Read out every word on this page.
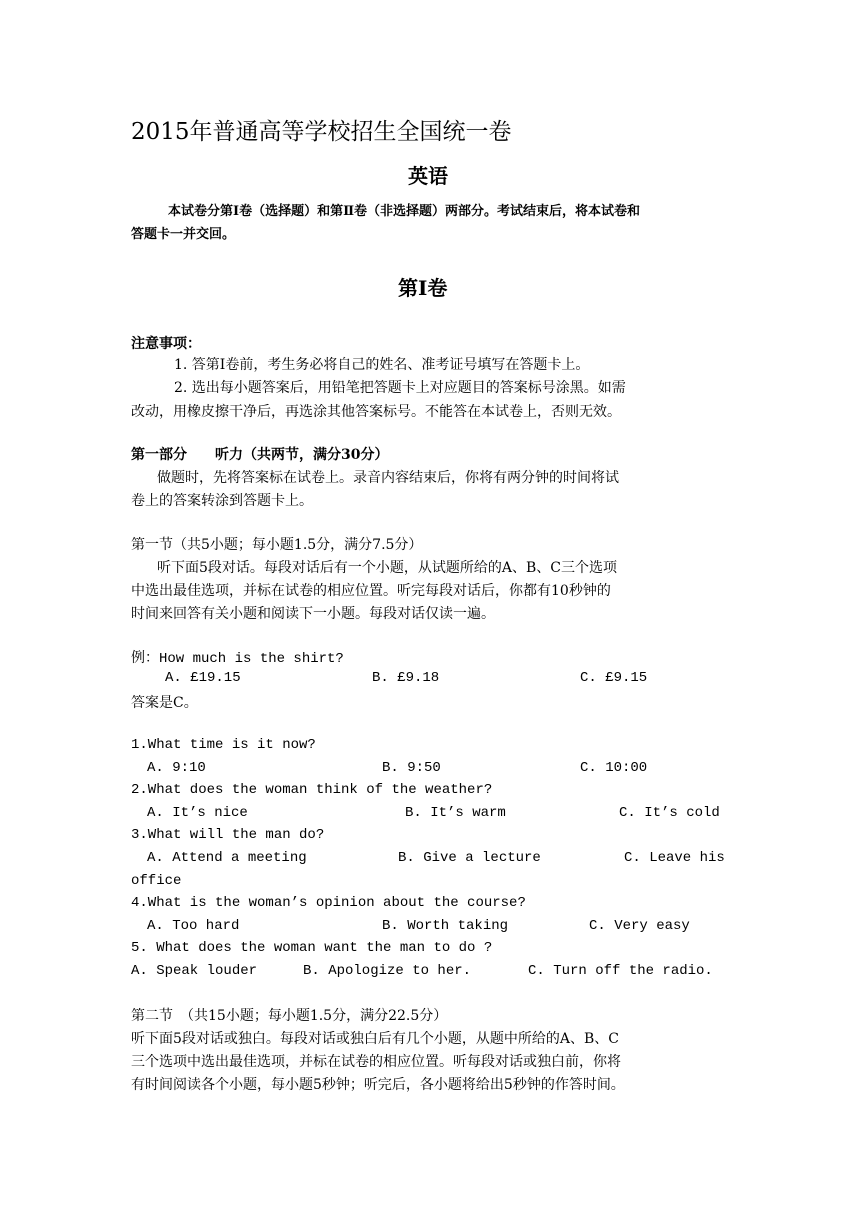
2015年普通高等学校招生全国统一卷
英语
本试卷分第Ⅰ卷（选择题）和第Ⅱ卷（非选择题）两部分。考试结束后，将本试卷和
答题卡一并交回。
第Ⅰ卷
注意事项：
1. 答第Ⅰ卷前，考生务必将自己的姓名、准考证号填写在答题卡上。
2. 选出每小题答案后，用铅笔把答题卡上对应题目的答案标号涂黑。如需
改动，用橡皮擦干净后，再选涂其他答案标号。不能答在本试卷上，否则无效。
第一部分　　听力（共两节，满分30分）
做题时，先将答案标在试卷上。录音内容结束后，你将有两分钟的时间将试
卷上的答案转涂到答题卡上。
第一节（共5小题；每小题1.5分，满分7.5分）
听下面5段对话。每段对话后有一个小题，从试题所给的A、B、C三个选项
中选出最佳选项，并标在试卷的相应位置。听完每段对话后，你都有10秒钟的
时间来回答有关小题和阅读下一小题。每段对话仅读一遍。
例：How much is the shirt?
A. £19.15	B. £9.18	C. £9.15
答案是C。
1.What time is it now?
A. 9:10	B. 9:50	C. 10:00
2.What does the woman think of the weather?
A. It’s nice	B. It’s warm	C. It’s cold
3.What will the man do?
A. Attend a meeting	B. Give a lecture	C. Leave his
office
4.What is the woman’s opinion about the course?
A. Too hard	B. Worth taking	C. Very easy
5. What does the woman want the man to do ?
A. Speak louder	B. Apologize to her.	C. Turn off the radio.
第二节　（共15小题；每小题1.5分，满分22.5分）
听下面5段对话或独白。每段对话或独白后有几个小题，从题中所给的A、B、C
三个选项中选出最佳选项，并标在试卷的相应位置。听每段对话或独白前，你将
有时间阅读各个小题，每小题5秒钟；听完后，各小题将给出5秒钟的作答时间。
